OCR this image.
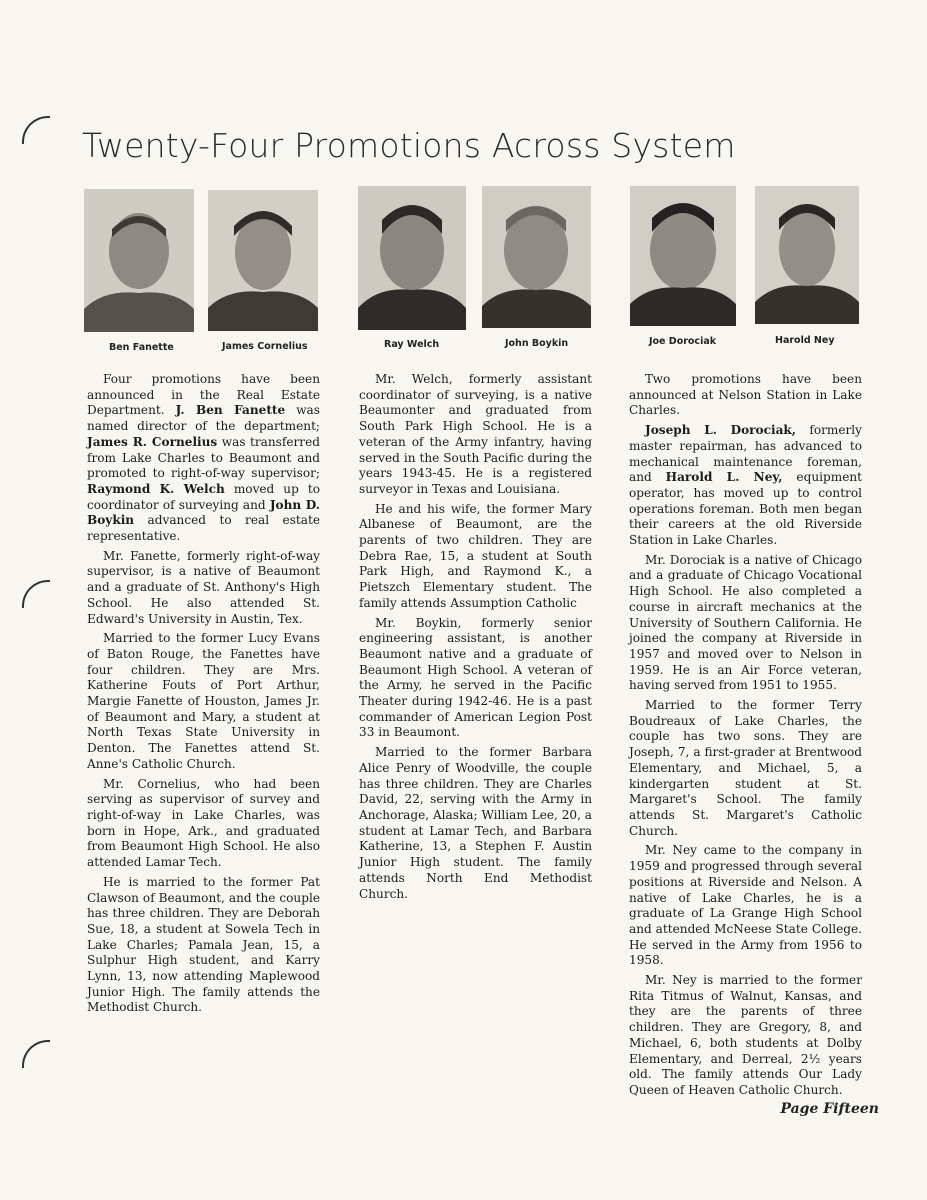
Twenty-Four Promotions Across System
Ben Fanette	James Cornelius	Ray Welch	John Boykin	Joe Dorociak	Harold Ney

Four promotions have been announced in the Real Estate Department. J. Ben Fanette was named director of the department; James R. Cornelius was transferred from Lake Charles to Beaumont and promoted to right-of-way supervisor; Raymond K. Welch moved up to coordinator of surveying and John D. Boykin advanced to real estate representative.

Mr. Fanette, formerly right-of-way supervisor, is a native of Beaumont and a graduate of St. Anthony's High School. He also attended St. Edward's University in Austin, Tex.

Married to the former Lucy Evans of Baton Rouge, the Fanettes have four children. They are Mrs. Katherine Fouts of Port Arthur, Margie Fanette of Houston, James Jr. of Beaumont and Mary, a student at North Texas State University in Denton. The Fanettes attend St. Anne's Catholic Church.

Mr. Cornelius, who had been serving as supervisor of survey and right-of-way in Lake Charles, was born in Hope, Ark., and graduated from Beaumont High School. He also attended Lamar Tech.

He is married to the former Pat Clawson of Beaumont, and the couple has three children. They are Deborah Sue, 18, a student at Sowela Tech in Lake Charles; Pamala Jean, 15, a Sulphur High student, and Karry Lynn, 13, now attending Maplewood Junior High. The family attends the Methodist Church.

Mr. Welch, formerly assistant coordinator of surveying, is a native Beaumonter and graduated from South Park High School. He is a veteran of the Army infantry, having served in the South Pacific during the years 1943-45. He is a registered surveyor in Texas and Louisiana.

He and his wife, the former Mary Albanese of Beaumont, are the parents of two children. They are Debra Rae, 15, a student at South Park High, and Raymond K., a Pietszch Elementary student. The family attends Assumption Catholic

Mr. Boykin, formerly senior engineering assistant, is another Beaumont native and a graduate of Beaumont High School. A veteran of the Army, he served in the Pacific Theater during 1942-46. He is a past commander of American Legion Post 33 in Beaumont.

Married to the former Barbara Alice Penry of Woodville, the couple has three children. They are Charles David, 22, serving with the Army in Anchorage, Alaska; William Lee, 20, a student at Lamar Tech, and Barbara Katherine, 13, a Stephen F. Austin Junior High student. The family attends North End Methodist Church.

Two promotions have been announced at Nelson Station in Lake Charles.

Joseph L. Dorociak, formerly master repairman, has advanced to mechanical maintenance foreman, and Harold L. Ney, equipment operator, has moved up to control operations foreman. Both men began their careers at the old Riverside Station in Lake Charles.

Mr. Dorociak is a native of Chicago and a graduate of Chicago Vocational High School. He also completed a course in aircraft mechanics at the University of Southern California. He joined the company at Riverside in 1957 and moved over to Nelson in 1959. He is an Air Force veteran, having served from 1951 to 1955.

Married to the former Terry Boudreaux of Lake Charles, the couple has two sons. They are Joseph, 7, a first-grader at Brentwood Elementary, and Michael, 5, a kindergarten student at St. Margaret's School. The family attends St. Margaret's Catholic Church.

Mr. Ney came to the company in 1959 and progressed through several positions at Riverside and Nelson. A native of Lake Charles, he is a graduate of La Grange High School and attended McNeese State College. He served in the Army from 1956 to 1958.

Mr. Ney is married to the former Rita Titmus of Walnut, Kansas, and they are the parents of three children. They are Gregory, 8, and Michael, 6, both students at Dolby Elementary, and Derreal, 2½ years old. The family attends Our Lady Queen of Heaven Catholic Church.

Page Fifteen
